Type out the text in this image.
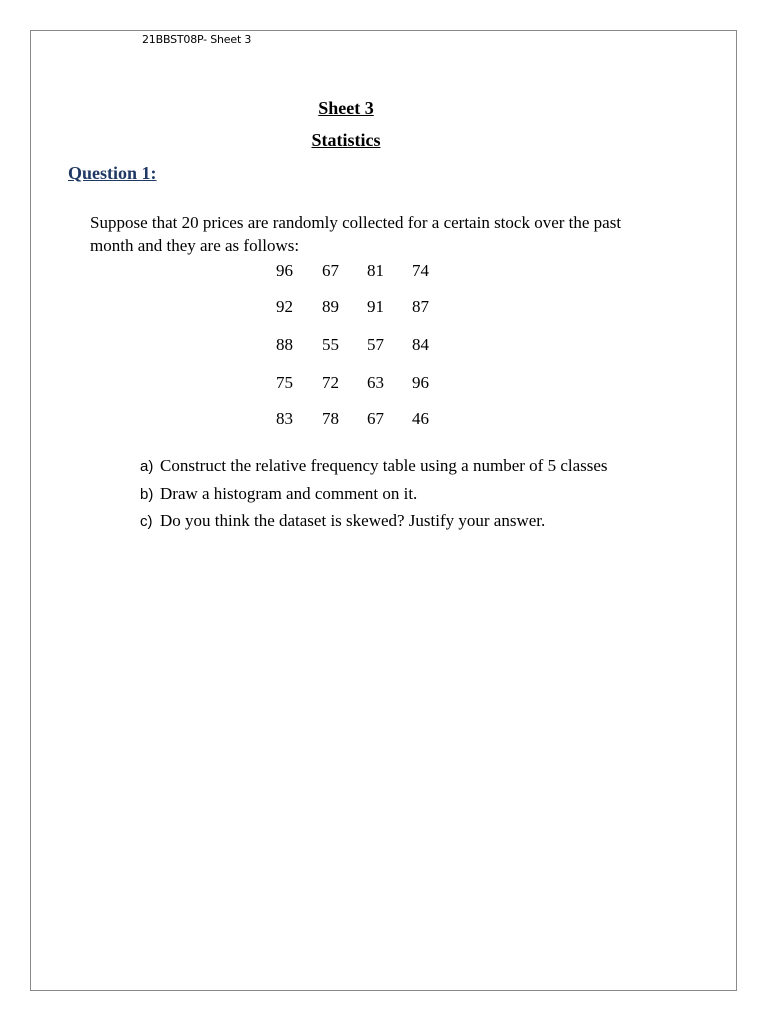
21BBST08P- Sheet 3
Sheet 3
Statistics
Question 1:
Suppose that 20 prices are randomly collected for a certain stock over the past month and they are as follows:
96	67	81	74
92	89	91	87
88	55	57	84
75	72	63	96
83	78	67	46
a) Construct the relative frequency table using a number of 5 classes
b) Draw a histogram and comment on it.
c) Do you think the dataset is skewed? Justify your answer.
